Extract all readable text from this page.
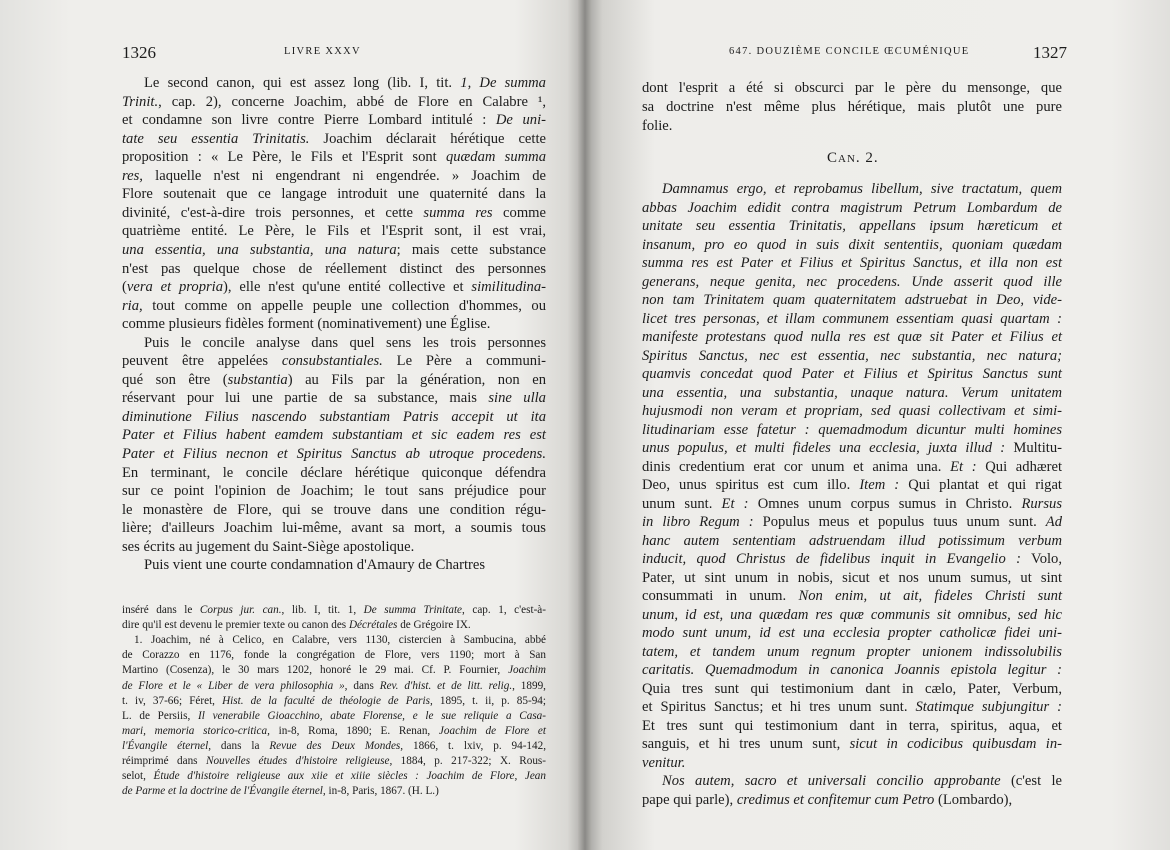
1326	LIVRE XXXV
Le second canon, qui est assez long (lib. I, tit. 1, De summa
Trinit., cap. 2), concerne Joachim, abbé de Flore en Calabre ¹,
et condamne son livre contre Pierre Lombard intitulé : De uni-
tate seu essentia Trinitatis. Joachim déclarait hérétique cette
proposition : « Le Père, le Fils et l'Esprit sont quædam summa
res, laquelle n'est ni engendrant ni engendrée. » Joachim de
Flore soutenait que ce langage introduit une quaternité dans la
divinité, c'est-à-dire trois personnes, et cette summa res comme
quatrième entité. Le Père, le Fils et l'Esprit sont, il est vrai,
una essentia, una substantia, una natura; mais cette substance
n'est pas quelque chose de réellement distinct des personnes
(vera et propria), elle n'est qu'une entité collective et similitudina-
ria, tout comme on appelle peuple une collection d'hommes, ou
comme plusieurs fidèles forment (nominativement) une Église.
Puis le concile analyse dans quel sens les trois personnes
peuvent être appelées consubstantiales. Le Père a communi-
qué son être (substantia) au Fils par la génération, non en
réservant pour lui une partie de sa substance, mais sine ulla
diminutione Filius nascendo substantiam Patris accepit ut ita
Pater et Filius habent eamdem substantiam et sic eadem res est
Pater et Filius necnon et Spiritus Sanctus ab utroque procedens.
En terminant, le concile déclare hérétique quiconque défendra
sur ce point l'opinion de Joachim; le tout sans préjudice pour
le monastère de Flore, qui se trouve dans une condition régu-
lière; d'ailleurs Joachim lui-même, avant sa mort, a soumis tous
ses écrits au jugement du Saint-Siège apostolique.
Puis vient une courte condamnation d'Amaury de Chartres
inséré dans le Corpus jur. can., lib. I, tit. 1, De summa Trinitate, cap. 1, c'est-à-
dire qu'il est devenu le premier texte ou canon des Décrétales de Grégoire IX.
1. Joachim, né à Celico, en Calabre, vers 1130, cistercien à Sambucina, abbé
de Corazzo en 1176, fonde la congrégation de Flore, vers 1190; mort à San
Martino (Cosenza), le 30 mars 1202, honoré le 29 mai. Cf. P. Fournier, Joachim
de Flore et le « Liber de vera philosophia », dans Rev. d'hist. et de litt. relig., 1899,
t. iv, 37-66; Féret, Hist. de la faculté de théologie de Paris, 1895, t. ii, p. 85-94;
L. de Persiis, Il venerabile Gioacchino, abate Florense, e le sue reliquie a Casa-
mari, memoria storico-critica, in-8, Roma, 1890; E. Renan, Joachim de Flore et
l'Évangile éternel, dans la Revue des Deux Mondes, 1866, t. lxiv, p. 94-142,
réimprimé dans Nouvelles études d'histoire religieuse, 1884, p. 217-322; X. Rous-
selot, Étude d'histoire religieuse aux xiie et xiiie siècles : Joachim de Flore, Jean
de Parme et la doctrine de l'Évangile éternel, in-8, Paris, 1867. (H. L.)
647. DOUZIÈME CONCILE ŒCUMÉNIQUE	1327
dont l'esprit a été si obscurci par le père du mensonge, que
sa doctrine n'est même plus hérétique, mais plutôt une pure
folie.
Can. 2.
Damnamus ergo, et reprobamus libellum, sive tractatum, quem
abbas Joachim edidit contra magistrum Petrum Lombardum de
unitate seu essentia Trinitatis, appellans ipsum hæreticum et
insanum, pro eo quod in suis dixit sententiis, quoniam quædam
summa res est Pater et Filius et Spiritus Sanctus, et illa non est
generans, neque genita, nec procedens. Unde asserit quod ille
non tam Trinitatem quam quaternitatem adstruebat in Deo, vide-
licet tres personas, et illam communem essentiam quasi quartam :
manifeste protestans quod nulla res est quæ sit Pater et Filius et
Spiritus Sanctus, nec est essentia, nec substantia, nec natura;
quamvis concedat quod Pater et Filius et Spiritus Sanctus sunt
una essentia, una substantia, unaque natura. Verum unitatem
hujusmodi non veram et propriam, sed quasi collectivam et simi-
litudinariam esse fatetur : quemadmodum dicuntur multi homines
unus populus, et multi fideles una ecclesia, juxta illud : Multitu-
dinis credentium erat cor unum et anima una. Et : Qui adhæret
Deo, unus spiritus est cum illo. Item : Qui plantat et qui rigat
unum sunt. Et : Omnes unum corpus sumus in Christo. Rursus
in libro Regum : Populus meus et populus tuus unum sunt. Ad
hanc autem sententiam adstruendam illud potissimum verbum
inducit, quod Christus de fidelibus inquit in Evangelio : Volo,
Pater, ut sint unum in nobis, sicut et nos unum sumus, ut sint
consummati in unum. Non enim, ut ait, fideles Christi sunt
unum, id est, una quædam res quæ communis sit omnibus, sed hic
modo sunt unum, id est una ecclesia propter catholicæ fidei uni-
tatem, et tandem unum regnum propter unionem indissolubilis
caritatis. Quemadmodum in canonica Joannis epistola legitur :
Quia tres sunt qui testimonium dant in cælo, Pater, Verbum,
et Spiritus Sanctus; et hi tres unum sunt. Statimque subjungitur :
Et tres sunt qui testimonium dant in terra, spiritus, aqua, et
sanguis, et hi tres unum sunt, sicut in codicibus quibusdam in-
venitur.
Nos autem, sacro et universali concilio approbante (c'est le
pape qui parle), credimus et confitemur cum Petro (Lombardo),
